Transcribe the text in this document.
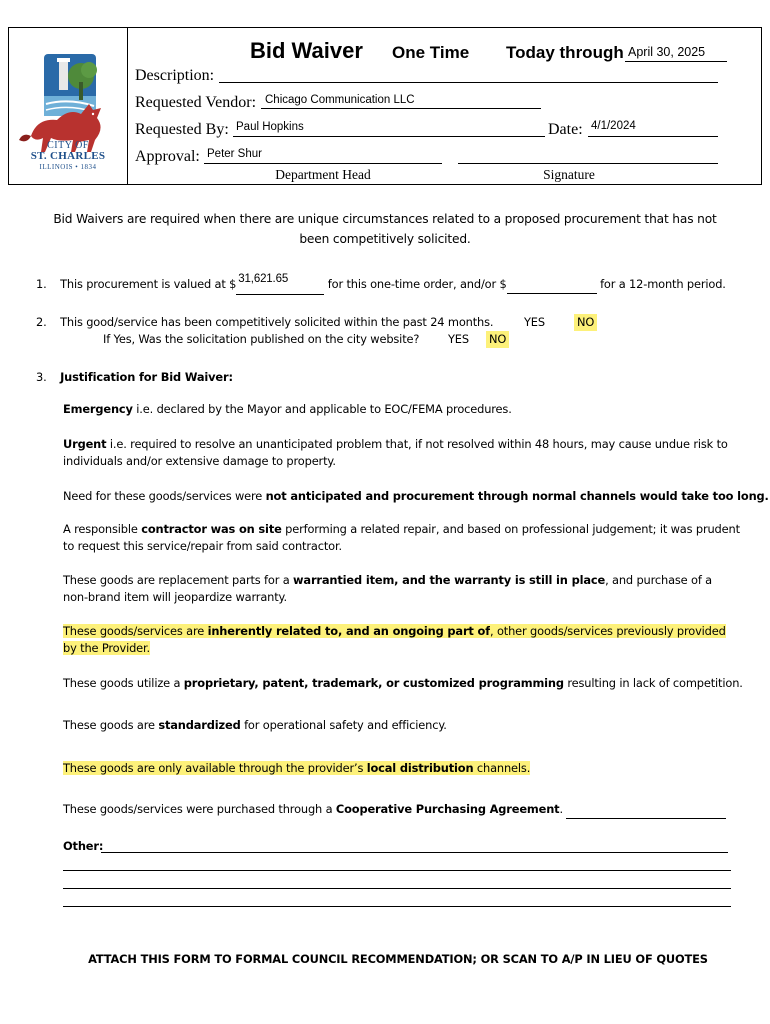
CITY OF
ST. CHARLES
ILLINOIS • 1834
Bid Waiver One Time Today through April 30, 2025
Description:
Requested Vendor: Chicago Communication LLC
Requested By: Paul Hopkins	Date: 4/1/2024
Approval: Peter Shur
Department Head	Signature
Bid Waivers are required when there are unique circumstances related to a proposed procurement that has not been competitively solicited.
1. This procurement is valued at $ 31,621.65	for this one-time order, and/or $	for a 12-month period.
2. This good/service has been competitively solicited within the past 24 months.	YES	NO
If Yes, Was the solicitation published on the city website?	YES NO
3. Justification for Bid Waiver:
Emergency i.e. declared by the Mayor and applicable to EOC/FEMA procedures.
Urgent i.e. required to resolve an unanticipated problem that, if not resolved within 48 hours, may cause undue risk to individuals and/or extensive damage to property.
Need for these goods/services were not anticipated and procurement through normal channels would take too long.
A responsible contractor was on site performing a related repair, and based on professional judgement; it was prudent to request this service/repair from said contractor.
These goods are replacement parts for a warrantied item, and the warranty is still in place, and purchase of a non-brand item will jeopardize warranty.
These goods/services are inherently related to, and an ongoing part of, other goods/services previously provided by the Provider.
These goods utilize a proprietary, patent, trademark, or customized programming resulting in lack of competition.
These goods are standardized for operational safety and efficiency.
These goods are only available through the provider’s local distribution channels.
These goods/services were purchased through a Cooperative Purchasing Agreement.
Other:
ATTACH THIS FORM TO FORMAL COUNCIL RECOMMENDATION; OR SCAN TO A/P IN LIEU OF QUOTES
